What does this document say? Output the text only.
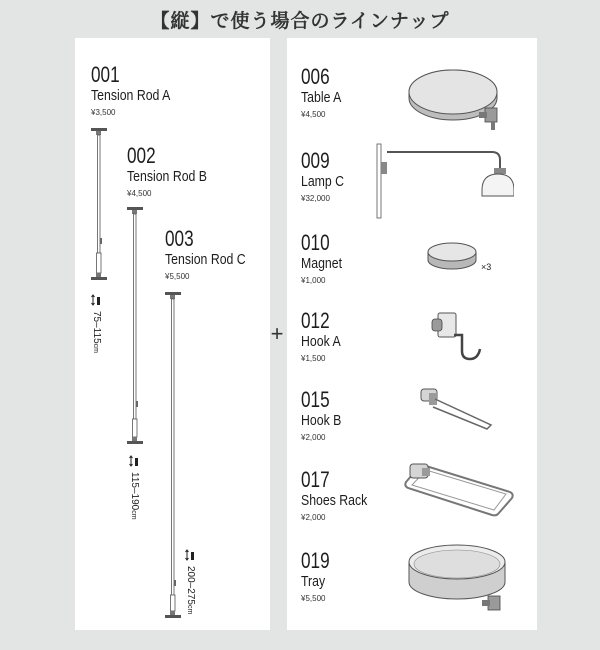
【縦】で使う場合のラインナップ
+
001
Tension Rod A
¥3,500
002
Tension Rod B
¥4,500
003
Tension Rod C
¥5,500
75–115cm
115–190cm
200–275cm
006
Table A
¥4,500
009
Lamp C
¥32,000
010
Magnet
¥1,000
012
Hook A
¥1,500
015
Hook B
¥2,000
017
Shoes Rack
¥2,000
019
Tray
¥5,500
×3
